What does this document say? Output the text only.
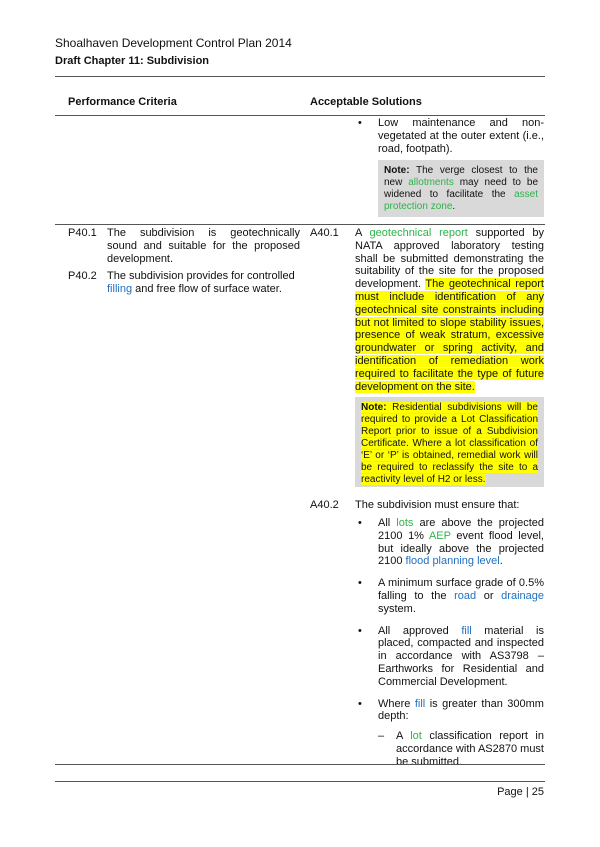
Shoalhaven Development Control Plan 2014
Draft Chapter 11: Subdivision
Performance Criteria	Acceptable Solutions
• Low maintenance and non-vegetated at the outer extent (i.e., road, footpath).
Note: The verge closest to the new allotments may need to be widened to facilitate the asset protection zone.
P40.1 The subdivision is geotechnically sound and suitable for the proposed development.
P40.2 The subdivision provides for controlled filling and free flow of surface water.
A40.1 A geotechnical report supported by NATA approved laboratory testing shall be submitted demonstrating the suitability of the site for the proposed development. The geotechnical report must include identification of any geotechnical site constraints including but not limited to slope stability issues, presence of weak stratum, excessive groundwater or spring activity, and identification of remediation work required to facilitate the type of future development on the site.
Note: Residential subdivisions will be required to provide a Lot Classification Report prior to issue of a Subdivision Certificate. Where a lot classification of ‘E’ or ‘P’ is obtained, remedial work will be required to reclassify the site to a reactivity level of H2 or less.
A40.2 The subdivision must ensure that:
• All lots are above the projected 2100 1% AEP event flood level, but ideally above the projected 2100 flood planning level.
• A minimum surface grade of 0.5% falling to the road or drainage system.
• All approved fill material is placed, compacted and inspected in accordance with AS3798 – Earthworks for Residential and Commercial Development.
• Where fill is greater than 300mm depth:
– A lot classification report in accordance with AS2870 must be submitted.
Page | 25
